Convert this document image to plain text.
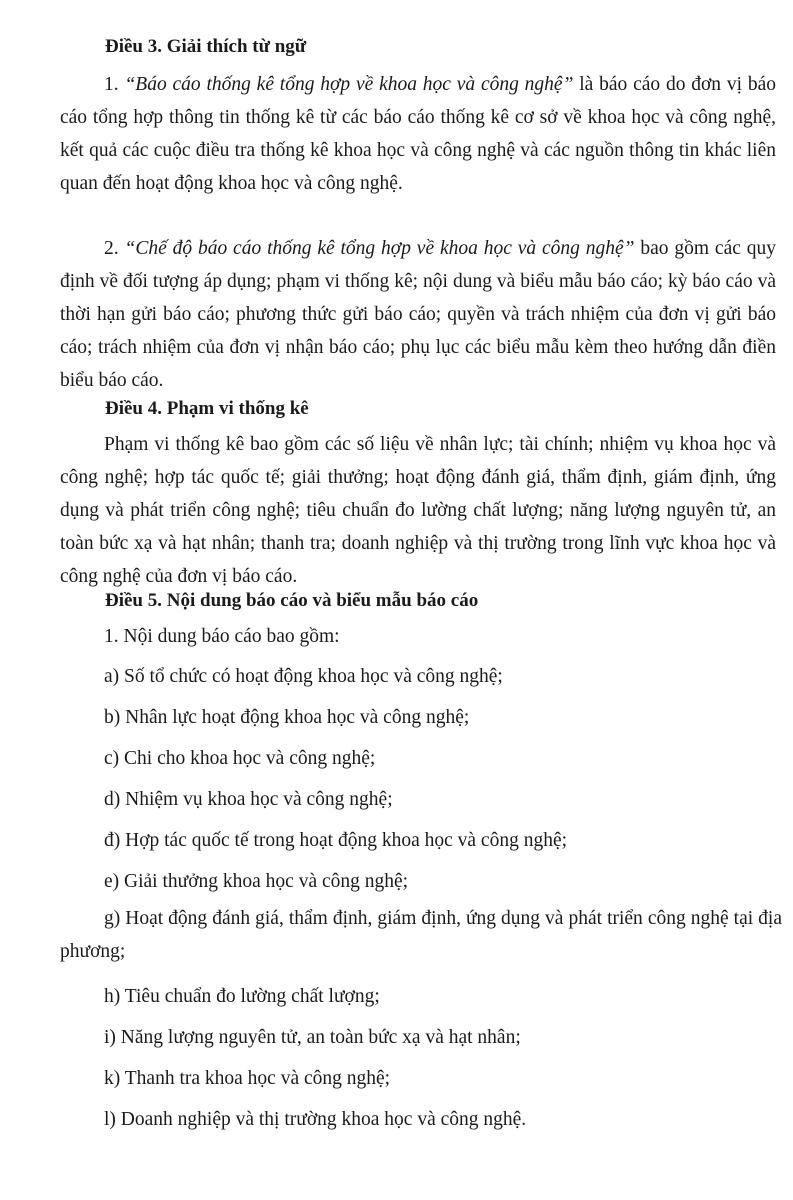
Điều 3. Giải thích từ ngữ
1. “Báo cáo thống kê tổng hợp về khoa học và công nghệ” là báo cáo do đơn vị báo cáo tổng hợp thông tin thống kê từ các báo cáo thống kê cơ sở về khoa học và công nghệ, kết quả các cuộc điều tra thống kê khoa học và công nghệ và các nguồn thông tin khác liên quan đến hoạt động khoa học và công nghệ.
2. “Chế độ báo cáo thống kê tổng hợp về khoa học và công nghệ” bao gồm các quy định về đối tượng áp dụng; phạm vi thống kê; nội dung và biểu mẫu báo cáo; kỳ báo cáo và thời hạn gửi báo cáo; phương thức gửi báo cáo; quyền và trách nhiệm của đơn vị gửi báo cáo; trách nhiệm của đơn vị nhận báo cáo; phụ lục các biểu mẫu kèm theo hướng dẫn điền biểu báo cáo.
Điều 4. Phạm vi thống kê
Phạm vi thống kê bao gồm các số liệu về nhân lực; tài chính; nhiệm vụ khoa học và công nghệ; hợp tác quốc tế; giải thưởng; hoạt động đánh giá, thẩm định, giám định, ứng dụng và phát triển công nghệ; tiêu chuẩn đo lường chất lượng; năng lượng nguyên tử, an toàn bức xạ và hạt nhân; thanh tra; doanh nghiệp và thị trường trong lĩnh vực khoa học và công nghệ của đơn vị báo cáo.
Điều 5. Nội dung báo cáo và biểu mẫu báo cáo
1. Nội dung báo cáo bao gồm:
a) Số tổ chức có hoạt động khoa học và công nghệ;
b) Nhân lực hoạt động khoa học và công nghệ;
c) Chi cho khoa học và công nghệ;
d) Nhiệm vụ khoa học và công nghệ;
đ) Hợp tác quốc tế trong hoạt động khoa học và công nghệ;
e) Giải thưởng khoa học và công nghệ;
g) Hoạt động đánh giá, thẩm định, giám định, ứng dụng và phát triển công nghệ tại địa phương;
h) Tiêu chuẩn đo lường chất lượng;
i) Năng lượng nguyên tử, an toàn bức xạ và hạt nhân;
k) Thanh tra khoa học và công nghệ;
l) Doanh nghiệp và thị trường khoa học và công nghệ.
